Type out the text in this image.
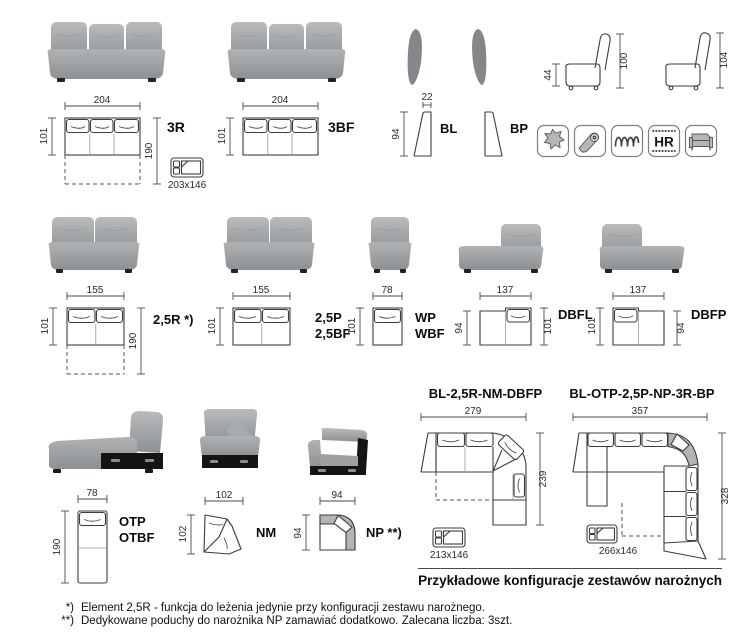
44
100	104
HR
204
101
190
3R
203x146
204
101
3BF
22
94	BL	BP
155
101
190
2,5R *)
155
101
2,5P
2,5BF
78
101
WP
WBF
137
94	101
DBFL
137
101	94
DBFP
78
190
OTP
OTBF
102
102	NM
94
94	NP **)
BL-2,5R-NM-DBFP	BL-OTP-2,5P-NP-3R-BP
279
239
213x146
357
328
266x146
Przykładowe konfiguracje zestawów narożnych
*) Element 2,5R - funkcja do leżenia jedynie przy konfiguracji zestawu narożnego.
**) Dedykowane poduchy do narożnika NP zamawiać dodatkowo. Zalecana liczba: 3szt.
